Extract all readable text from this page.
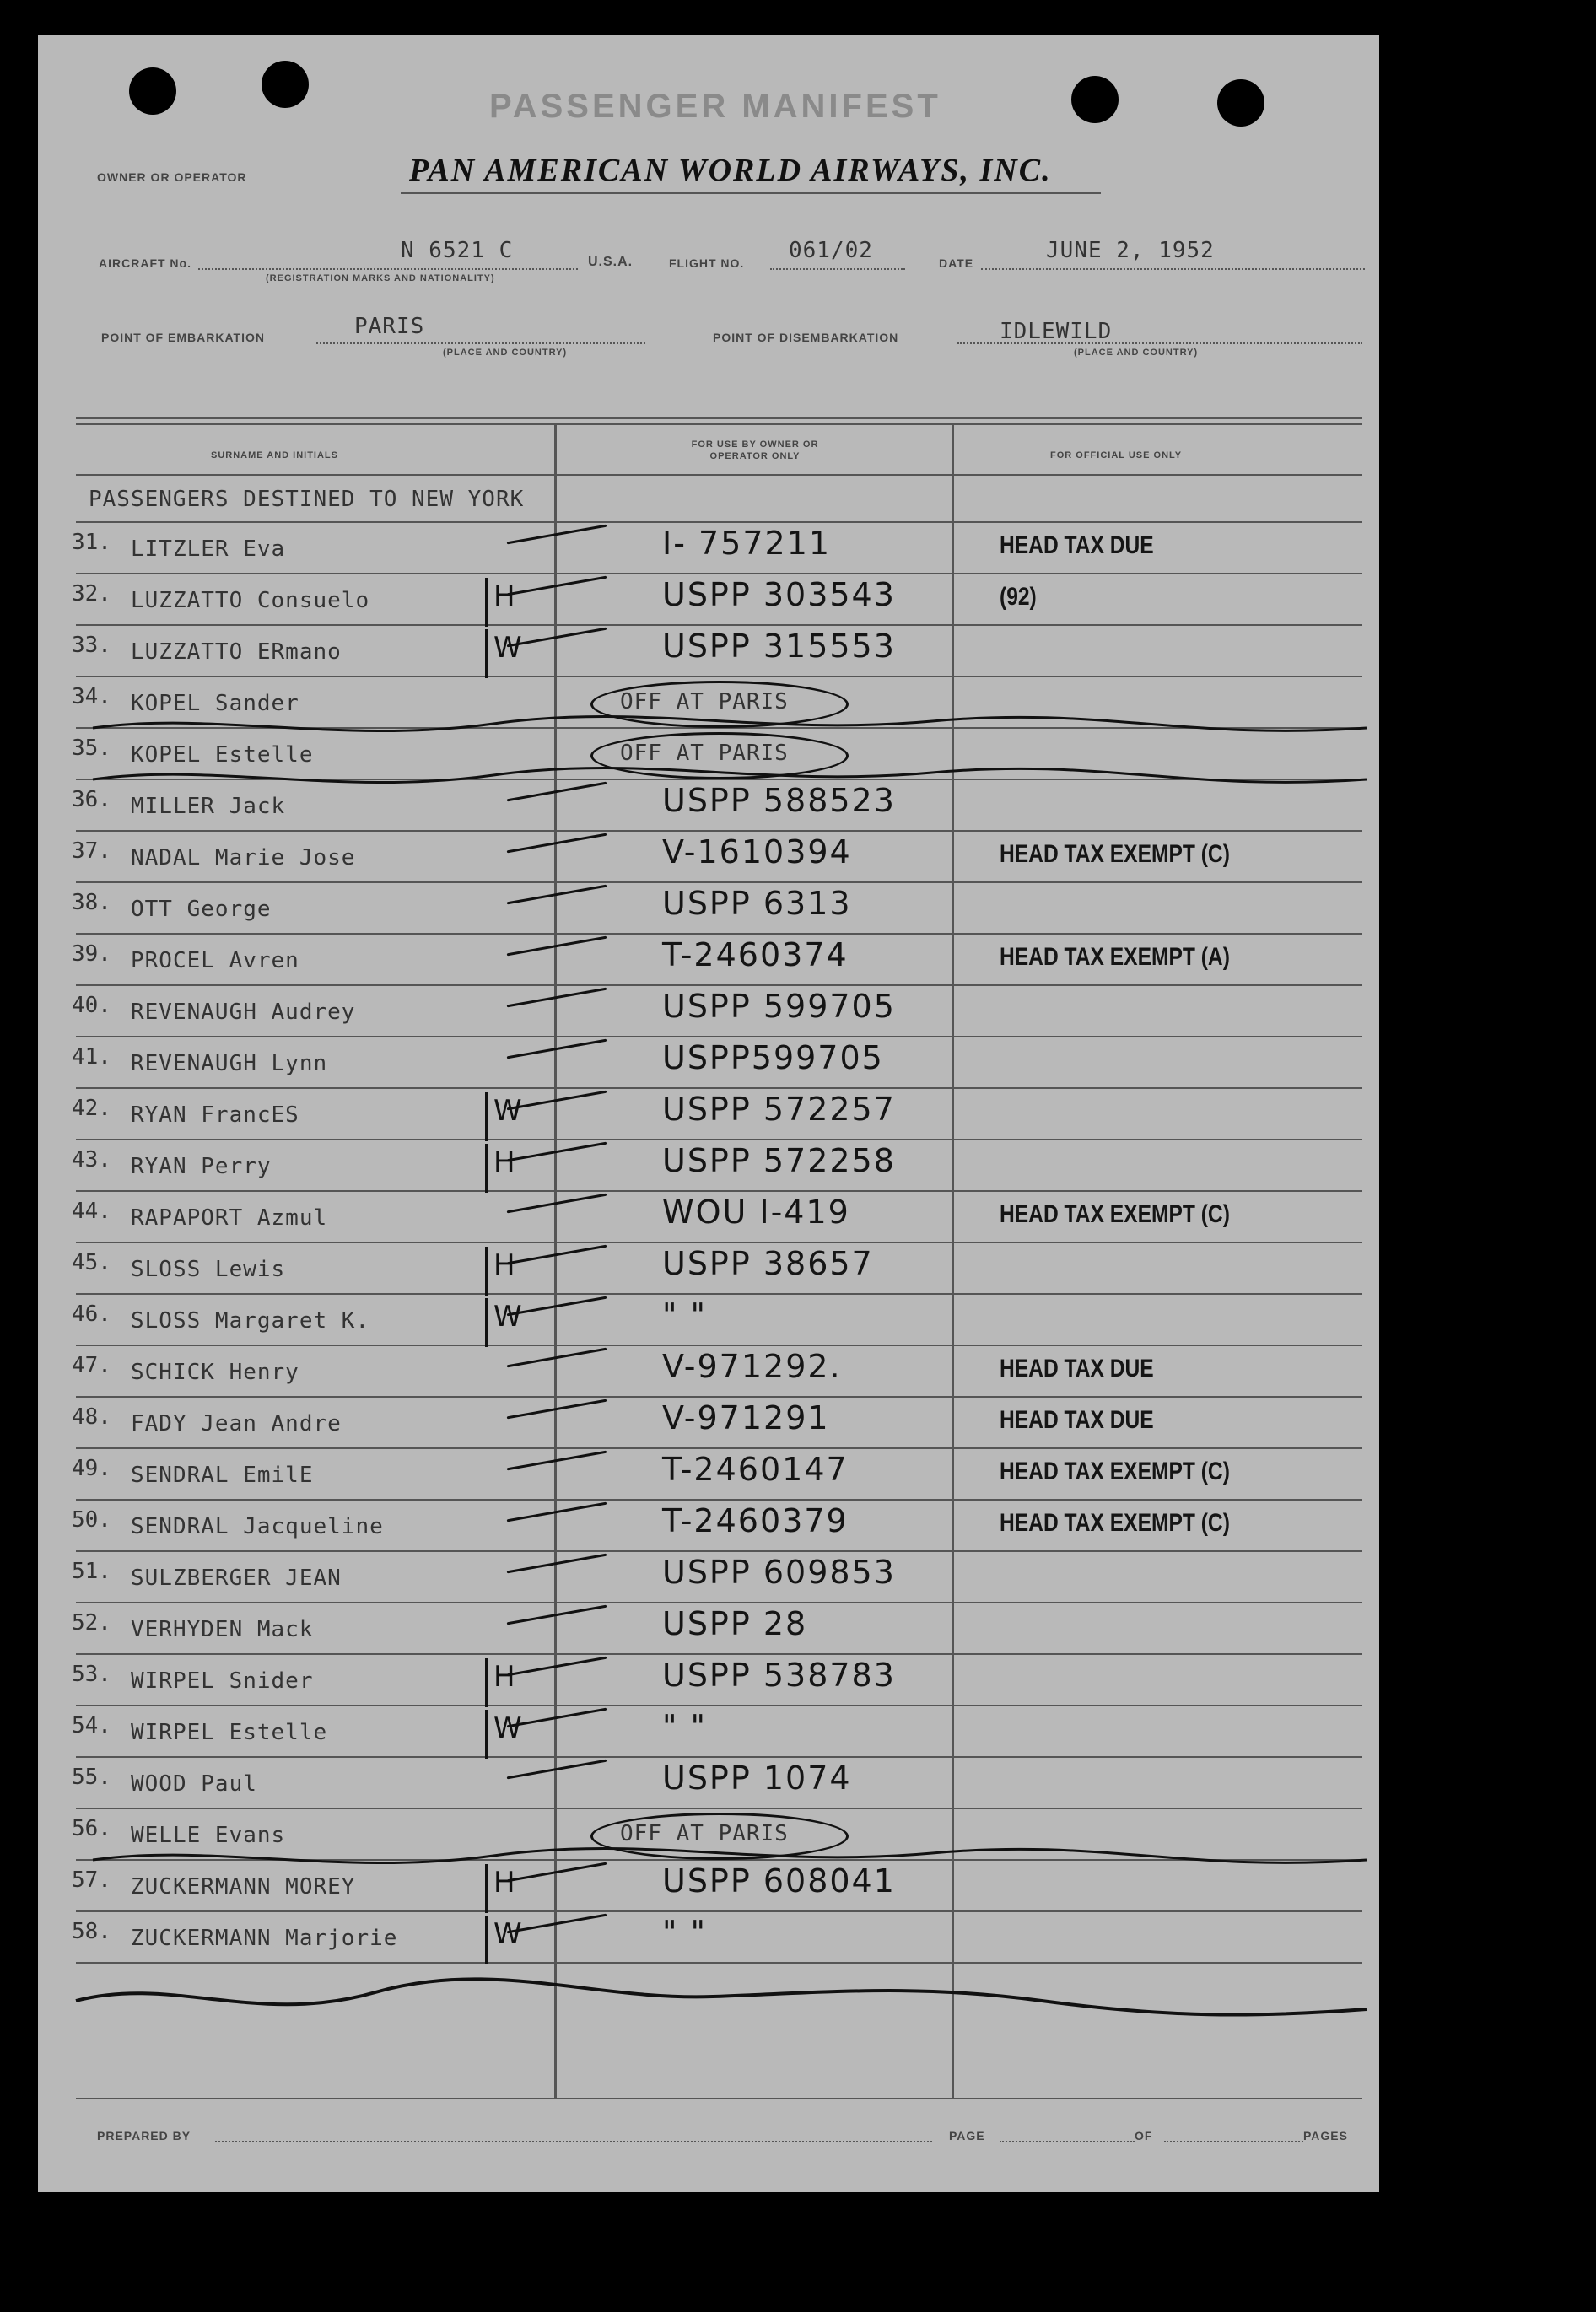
PASSENGER MANIFEST
OWNER OR OPERATOR	PAN AMERICAN WORLD AIRWAYS, INC.
AIRCRAFT No.	N 6521 C
(REGISTRATION MARKS AND NATIONALITY)
U.S.A.	FLIGHT NO. 061/02	DATE	JUNE 2, 1952
POINT OF EMBARKATION	PARIS
(PLACE AND COUNTRY)
POINT OF DISEMBARKATION	IDLEWILD
(PLACE AND COUNTRY)
SURNAME AND INITIALS
FOR USE BY OWNER OR OPERATOR ONLY	FOR OFFICIAL USE ONLY
PASSENGERS DESTINED TO NEW YORK
31. LITZLER Eva	I- 757211	HEAD TAX DUE
32. LUZZATTO Consuelo	H	USPP 303543	(92)
33. LUZZATTO ERmano	W	USPP 315553
34. KOPEL Sander	OFF AT PARIS
35. KOPEL Estelle	OFF AT PARIS
36. MILLER Jack	USPP 588523
37. NADAL Marie Jose	V-1610394	HEAD TAX EXEMPT (C)
38. OTT George	USPP 6313
39. PROCEL Avren	T-2460374	HEAD TAX EXEMPT (A)
40. REVENAUGH Audrey	USPP 599705
41. REVENAUGH Lynn	USPP599705
42. RYAN FrancES	W	USPP 572257
43. RYAN Perry	H	USPP 572258
44. RAPAPORT Azmul	WOU I-419	HEAD TAX EXEMPT (C)
45. SLOSS Lewis	H	USPP 38657
46. SLOSS Margaret K.	W	" "
47. SCHICK Henry	V-971292.	HEAD TAX DUE
48. FADY Jean Andre	V-971291	HEAD TAX DUE
49. SENDRAL EmilE	T-2460147	HEAD TAX EXEMPT (C)
50. SENDRAL Jacqueline	T-2460379	HEAD TAX EXEMPT (C)
51. SULZBERGER JEAN	USPP 609853
52. VERHYDEN Mack	USPP 28
53. WIRPEL Snider	H	USPP 538783
54. WIRPEL Estelle	W	" "
55. WOOD Paul	USPP 1074
56. WELLE Evans	OFF AT PARIS
57. ZUCKERMANN MOREY	H	USPP 608041
58. ZUCKERMANN Marjorie	W	" "
PREPARED BY	PAGE	OF	PAGES
